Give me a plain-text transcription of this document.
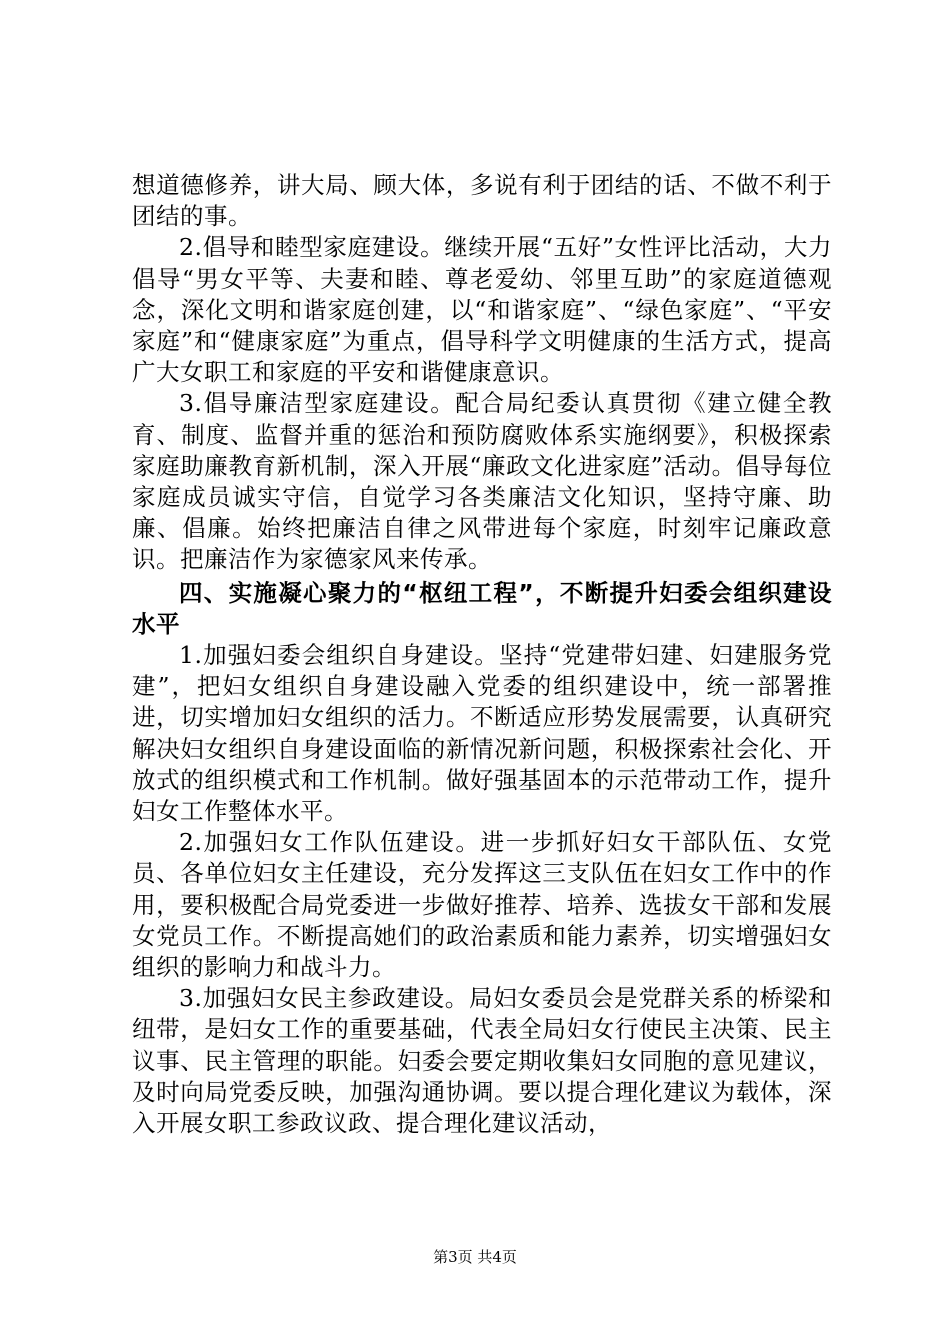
想道德修养，讲大局、顾大体，多说有利于团结的话、不做不利于团结的事。

2.倡导和睦型家庭建设。继续开展“五好”女性评比活动，大力倡导“男女平等、夫妻和睦、尊老爱幼、邻里互助”的家庭道德观念，深化文明和谐家庭创建，以“和谐家庭”、“绿色家庭”、“平安家庭”和“健康家庭”为重点，倡导科学文明健康的生活方式，提高广大女职工和家庭的平安和谐健康意识。

3.倡导廉洁型家庭建设。配合局纪委认真贯彻《建立健全教育、制度、监督并重的惩治和预防腐败体系实施纲要》，积极探索家庭助廉教育新机制，深入开展“廉政文化进家庭”活动。倡导每位家庭成员诚实守信，自觉学习各类廉洁文化知识，坚持守廉、助廉、倡廉。始终把廉洁自律之风带进每个家庭，时刻牢记廉政意识。把廉洁作为家德家风来传承。

四、实施凝心聚力的“枢纽工程”，不断提升妇委会组织建设水平

1.加强妇委会组织自身建设。坚持“党建带妇建、妇建服务党建”，把妇女组织自身建设融入党委的组织建设中，统一部署推进，切实增加妇女组织的活力。不断适应形势发展需要，认真研究解决妇女组织自身建设面临的新情况新问题，积极探索社会化、开放式的组织模式和工作机制。做好强基固本的示范带动工作，提升妇女工作整体水平。

2.加强妇女工作队伍建设。进一步抓好妇女干部队伍、女党员、各单位妇女主任建设，充分发挥这三支队伍在妇女工作中的作用，要积极配合局党委进一步做好推荐、培养、选拔女干部和发展女党员工作。不断提高她们的政治素质和能力素养，切实增强妇女组织的影响力和战斗力。

3.加强妇女民主参政建设。局妇女委员会是党群关系的桥梁和纽带，是妇女工作的重要基础，代表全局妇女行使民主决策、民主议事、民主管理的职能。妇委会要定期收集妇女同胞的意见建议，及时向局党委反映，加强沟通协调。要以提合理化建议为载体，深入开展女职工参政议政、提合理化建议活动，

第3页 共4页
